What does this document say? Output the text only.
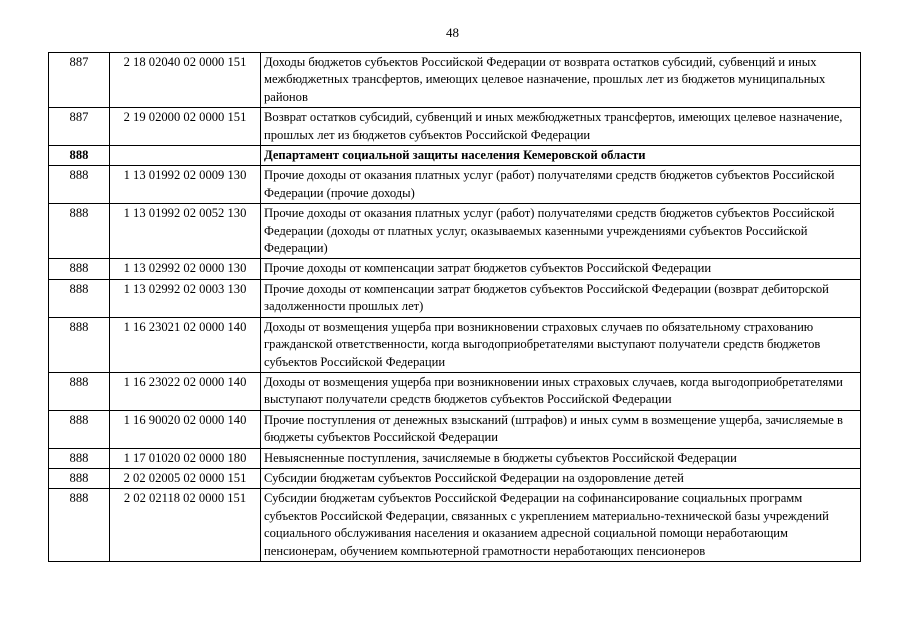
48
887	2 18 02040 02 0000 151	Доходы бюджетов субъектов Российской Федерации от возврата остатков субсидий, субвенций и иных межбюджетных трансфертов, имеющих целевое назначение, прошлых лет из бюджетов муниципальных районов
887	2 19 02000 02 0000 151	Возврат остатков субсидий, субвенций и иных межбюджетных трансфертов, имеющих целевое назначение, прошлых лет из бюджетов субъектов Российской Федерации
888		Департамент социальной защиты населения Кемеровской области
888	1 13 01992 02 0009 130	Прочие доходы от оказания платных услуг (работ) получателями средств бюджетов субъектов Российской Федерации (прочие доходы)
888	1 13 01992 02 0052 130	Прочие доходы от оказания платных услуг (работ) получателями средств бюджетов субъектов Российской Федерации (доходы от платных услуг, оказываемых казенными учреждениями субъектов Российской Федерации)
888	1 13 02992 02 0000 130	Прочие доходы от компенсации затрат бюджетов субъектов Российской Федерации
888	1 13 02992 02 0003 130	Прочие доходы от компенсации затрат бюджетов субъектов Российской Федерации (возврат дебиторской задолженности прошлых лет)
888	1 16 23021 02 0000 140	Доходы от возмещения ущерба при возникновении страховых случаев по обязательному страхованию гражданской ответственности, когда выгодоприобретателями выступают получатели средств бюджетов субъектов Российской Федерации
888	1 16 23022 02 0000 140	Доходы от возмещения ущерба при возникновении иных страховых случаев, когда выгодоприобретателями выступают получатели средств бюджетов субъектов Российской Федерации
888	1 16 90020 02 0000 140	Прочие поступления от денежных взысканий (штрафов) и иных сумм в возмещение ущерба, зачисляемые в бюджеты субъектов Российской Федерации
888	1 17 01020 02 0000 180	Невыясненные поступления, зачисляемые в бюджеты субъектов Российской Федерации
888	2 02 02005 02 0000 151	Субсидии бюджетам субъектов Российской Федерации на оздоровление детей
888	2 02 02118 02 0000 151	Субсидии бюджетам субъектов Российской Федерации на софинансирование социальных программ субъектов Российской Федерации, связанных с укреплением материально-технической базы учреждений социального обслуживания населения и оказанием адресной социальной помощи неработающим пенсионерам, обучением компьютерной грамотности неработающих пенсионеров
